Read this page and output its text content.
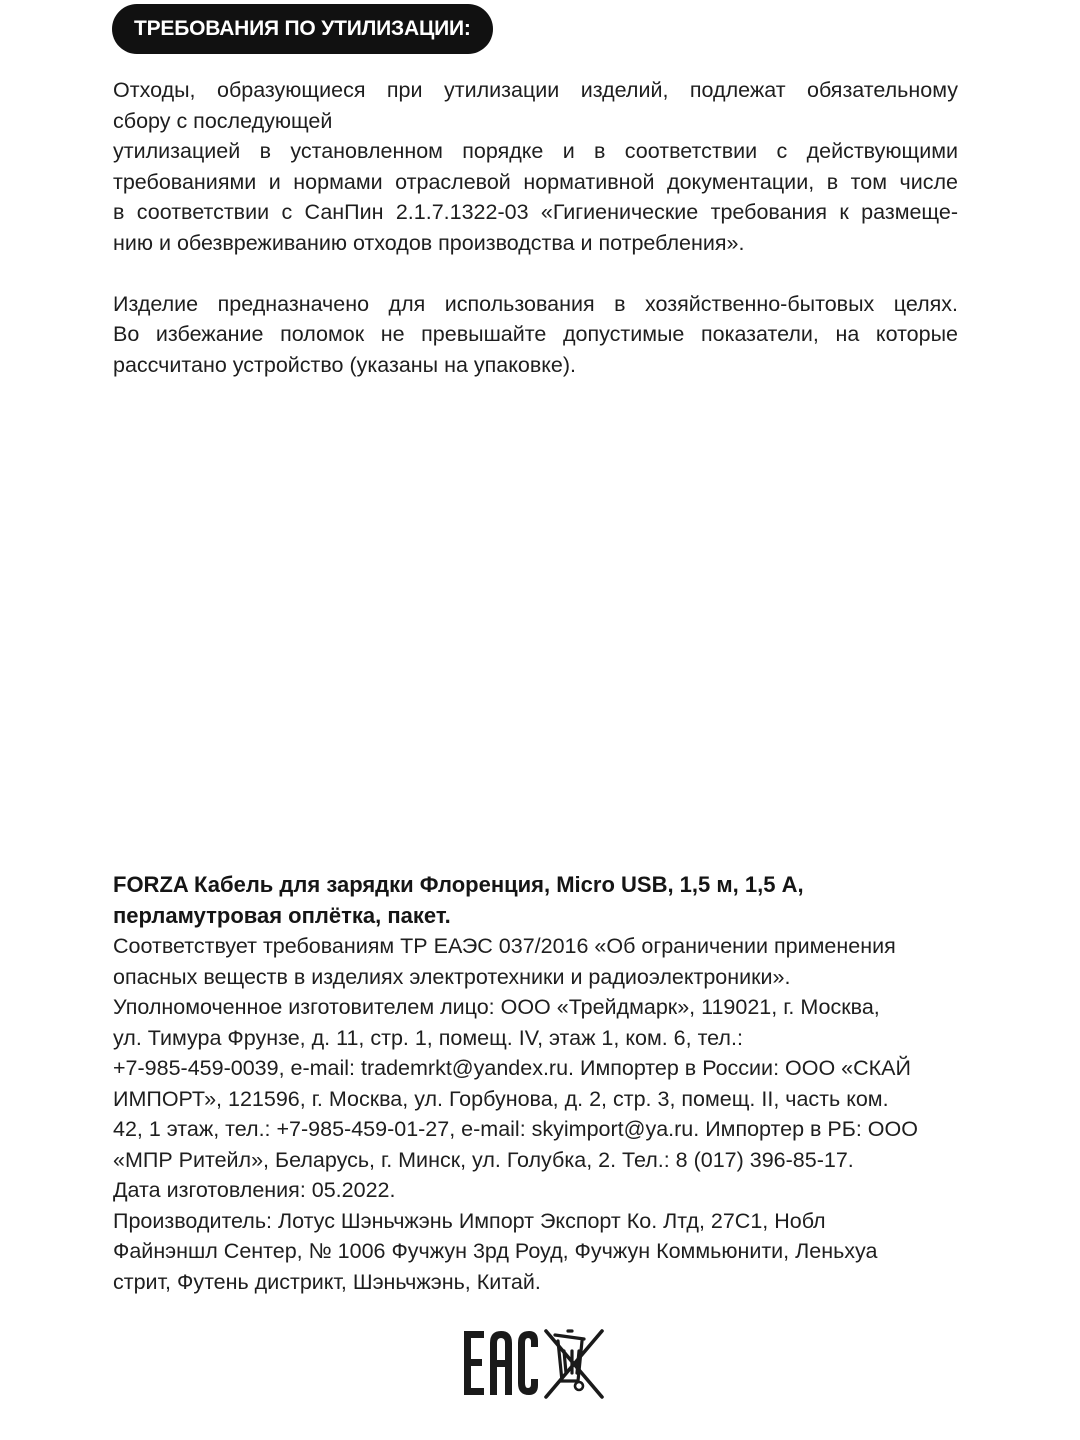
ТРЕБОВАНИЯ ПО УТИЛИЗАЦИИ:

Отходы, образующиеся при утилизации изделий, подлежат обязательному
сбору с последующей
утилизацией в установленном порядке и в соответствии с действующими
требованиями и нормами отраслевой нормативной документации, в том числе
в соответствии с СанПин 2.1.7.1322-03 «Гигиенические требования к размеще-
нию и обезвреживанию отходов производства и потребления».

Изделие предназначено для использования в хозяйственно-бытовых целях.
Во избежание поломок не превышайте допустимые показатели, на которые
рассчитано устройство (указаны на упаковке).

FORZA Кабель для зарядки Флоренция, Micro USB, 1,5 м, 1,5 А,
перламутровая оплётка, пакет.
Соответствует требованиям ТР ЕАЭС 037/2016 «Об ограничении применения
опасных веществ в изделиях электротехники и радиоэлектроники».
Уполномоченное изготовителем лицо: ООО «Трейдмарк», 119021, г. Москва,
ул. Тимура Фрунзе, д. 11, стр. 1, помещ. IV, этаж 1, ком. 6, тел.:
+7-985-459-0039, e-mail: trademrkt@yandex.ru. Импортер в России: ООО «СКАЙ
ИМПОРТ», 121596, г. Москва, ул. Горбунова, д. 2, стр. 3, помещ. II, часть ком.
42, 1 этаж, тел.: +7-985-459-01-27, e-mail: skyimport@ya.ru. Импортер в РБ: ООО
«МПР Ритейл», Беларусь, г. Минск, ул. Голубка, 2. Тел.: 8 (017) 396-85-17.
Дата изготовления: 05.2022.
Производитель: Лотус Шэньчжэнь Импорт Экспорт Ко. Лтд, 27С1, Нобл
Файнэншл Сентер, № 1006 Фучжун 3рд Роуд, Фучжун Коммьюнити, Леньхуа
стрит, Футень дистрикт, Шэньчжэнь, Китай.
